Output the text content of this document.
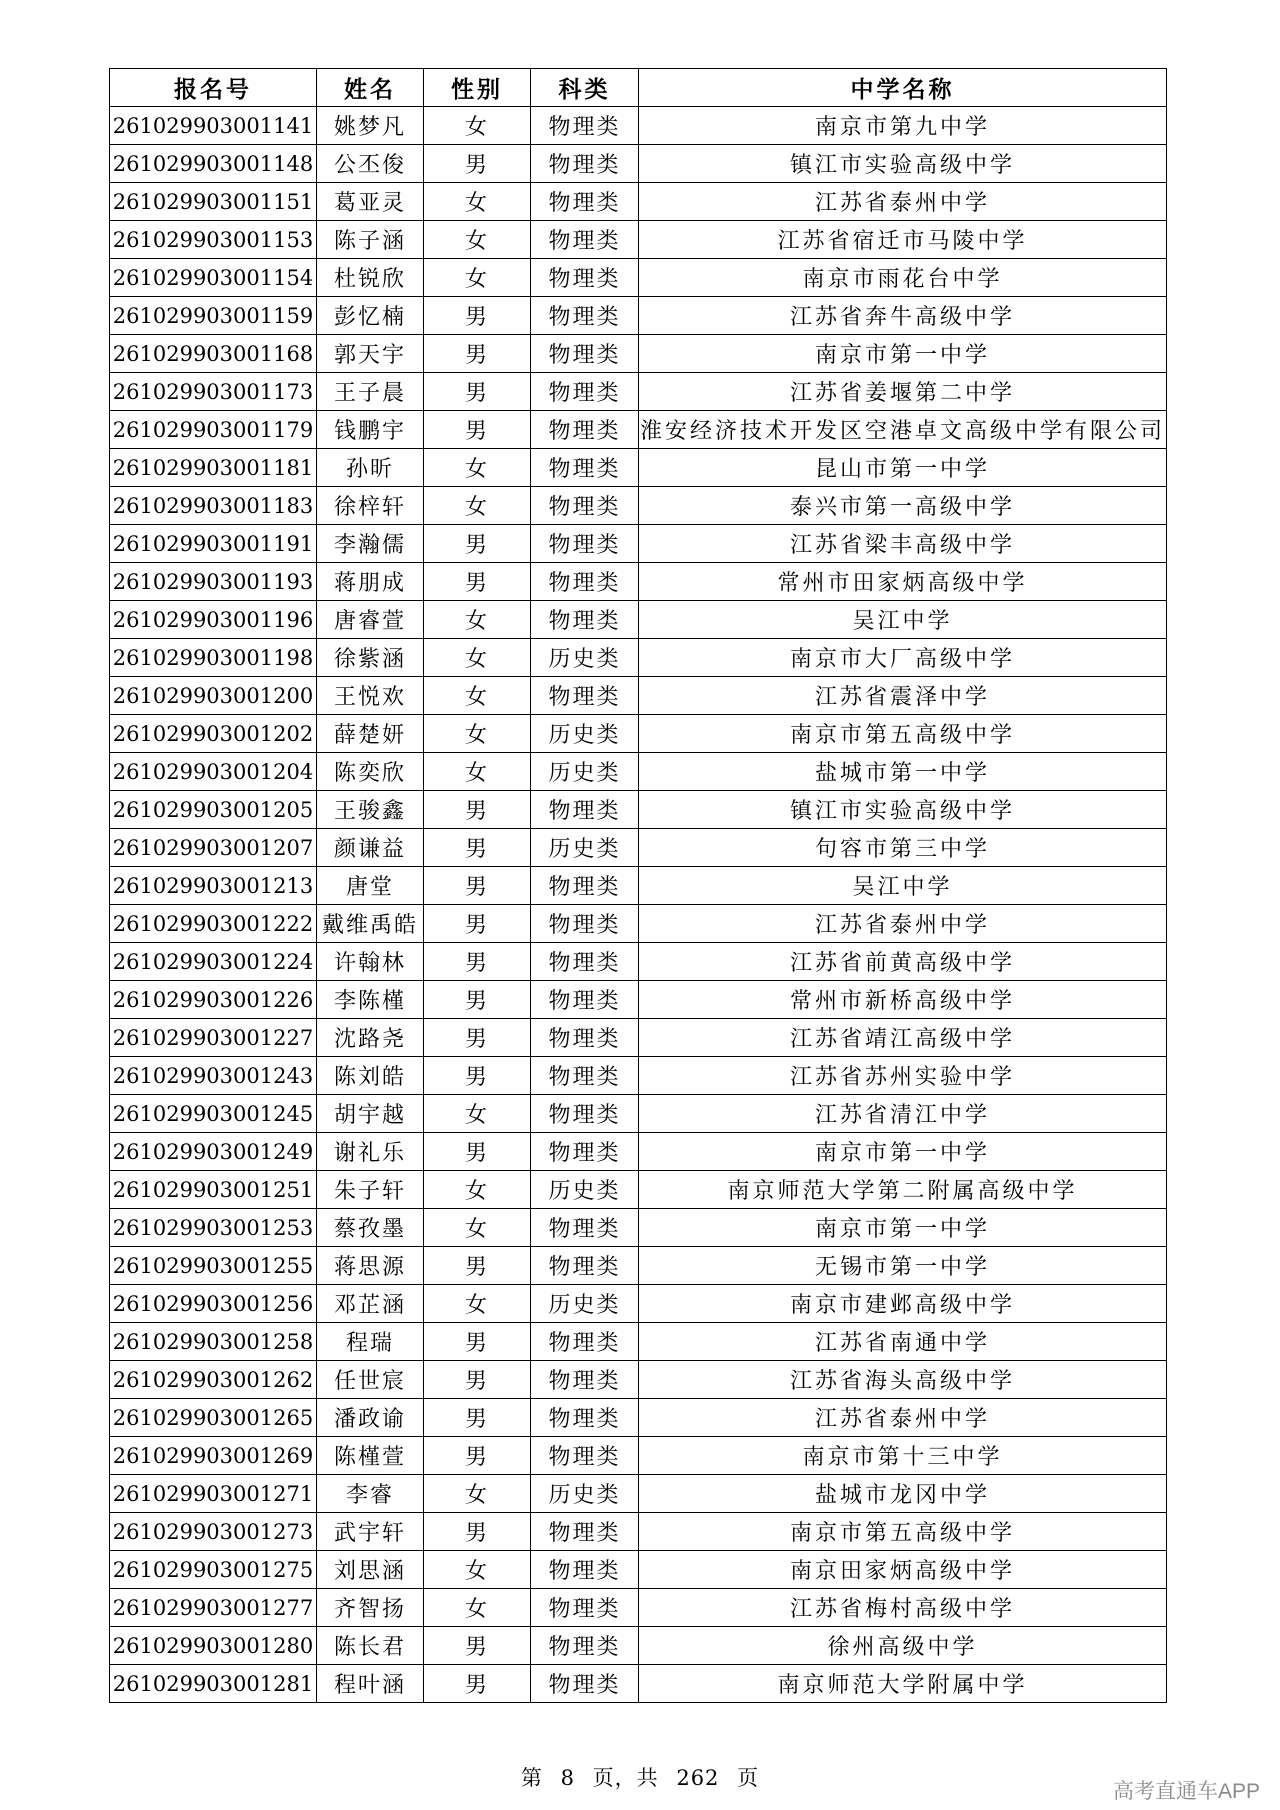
报名号	姓名	性别	科类	中学名称
261029903001141	姚梦凡	女	物理类	南京市第九中学
261029903001148	公丕俊	男	物理类	镇江市实验高级中学
261029903001151	葛亚灵	女	物理类	江苏省泰州中学
261029903001153	陈子涵	女	物理类	江苏省宿迁市马陵中学
261029903001154	杜锐欣	女	物理类	南京市雨花台中学
261029903001159	彭忆楠	男	物理类	江苏省奔牛高级中学
261029903001168	郭天宇	男	物理类	南京市第一中学
261029903001173	王子晨	男	物理类	江苏省姜堰第二中学
261029903001179	钱鹏宇	男	物理类	淮安经济技术开发区空港卓文高级中学有限公司
261029903001181	孙昕	女	物理类	昆山市第一中学
261029903001183	徐梓轩	女	物理类	泰兴市第一高级中学
261029903001191	李瀚儒	男	物理类	江苏省梁丰高级中学
261029903001193	蒋朋成	男	物理类	常州市田家炳高级中学
261029903001196	唐睿萱	女	物理类	吴江中学
261029903001198	徐紫涵	女	历史类	南京市大厂高级中学
261029903001200	王悦欢	女	物理类	江苏省震泽中学
261029903001202	薛楚妍	女	历史类	南京市第五高级中学
261029903001204	陈奕欣	女	历史类	盐城市第一中学
261029903001205	王骏鑫	男	物理类	镇江市实验高级中学
261029903001207	颜谦益	男	历史类	句容市第三中学
261029903001213	唐堂	男	物理类	吴江中学
261029903001222	戴维禹皓	男	物理类	江苏省泰州中学
261029903001224	许翰林	男	物理类	江苏省前黄高级中学
261029903001226	李陈槿	男	物理类	常州市新桥高级中学
261029903001227	沈路尧	男	物理类	江苏省靖江高级中学
261029903001243	陈刘皓	男	物理类	江苏省苏州实验中学
261029903001245	胡宇越	女	物理类	江苏省清江中学
261029903001249	谢礼乐	男	物理类	南京市第一中学
261029903001251	朱子轩	女	历史类	南京师范大学第二附属高级中学
261029903001253	蔡孜墨	女	物理类	南京市第一中学
261029903001255	蒋思源	男	物理类	无锡市第一中学
261029903001256	邓芷涵	女	历史类	南京市建邺高级中学
261029903001258	程瑞	男	物理类	江苏省南通中学
261029903001262	任世宸	男	物理类	江苏省海头高级中学
261029903001265	潘政谕	男	物理类	江苏省泰州中学
261029903001269	陈槿萱	男	物理类	南京市第十三中学
261029903001271	李睿	女	历史类	盐城市龙冈中学
261029903001273	武宇轩	男	物理类	南京市第五高级中学
261029903001275	刘思涵	女	物理类	南京田家炳高级中学
261029903001277	齐智扬	女	物理类	江苏省梅村高级中学
261029903001280	陈长君	男	物理类	徐州高级中学
261029903001281	程叶涵	男	物理类	南京师范大学附属中学
第 8 页，共 262 页
高考直通车APP
